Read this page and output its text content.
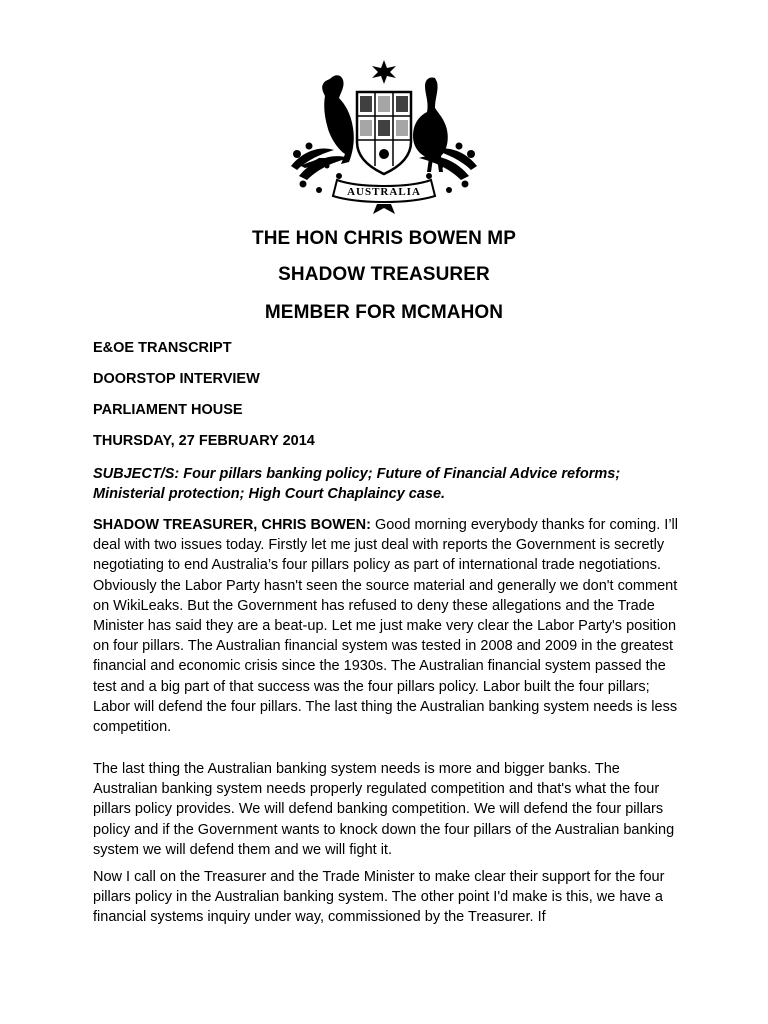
AUSTRALIA
THE HON CHRIS BOWEN MP
SHADOW TREASURER
MEMBER FOR MCMAHON
E&OE TRANSCRIPT
DOORSTOP INTERVIEW
PARLIAMENT HOUSE
THURSDAY, 27 FEBRUARY 2014
SUBJECT/S: Four pillars banking policy; Future of Financial Advice reforms; Ministerial protection; High Court Chaplaincy case.
SHADOW TREASURER, CHRIS BOWEN: Good morning everybody thanks for coming. I’ll deal with two issues today. Firstly let me just deal with reports the Government is secretly negotiating to end Australia’s four pillars policy as part of international trade negotiations. Obviously the Labor Party hasn't seen the source material and generally we don't comment on WikiLeaks. But the Government has refused to deny these allegations and the Trade Minister has said they are a beat-up. Let me just make very clear the Labor Party's position on four pillars. The Australian financial system was tested in 2008 and 2009 in the greatest financial and economic crisis since the 1930s. The Australian financial system passed the test and a big part of that success was the four pillars policy. Labor built the four pillars; Labor will defend the four pillars. The last thing the Australian banking system needs is less competition.
The last thing the Australian banking system needs is more and bigger banks. The Australian banking system needs properly regulated competition and that's what the four pillars policy provides. We will defend banking competition. We will defend the four pillars policy and if the Government wants to knock down the four pillars of the Australian banking system we will defend them and we will fight it.
Now I call on the Treasurer and the Trade Minister to make clear their support for the four pillars policy in the Australian banking system. The other point I'd make is this, we have a financial systems inquiry under way, commissioned by the Treasurer. If
